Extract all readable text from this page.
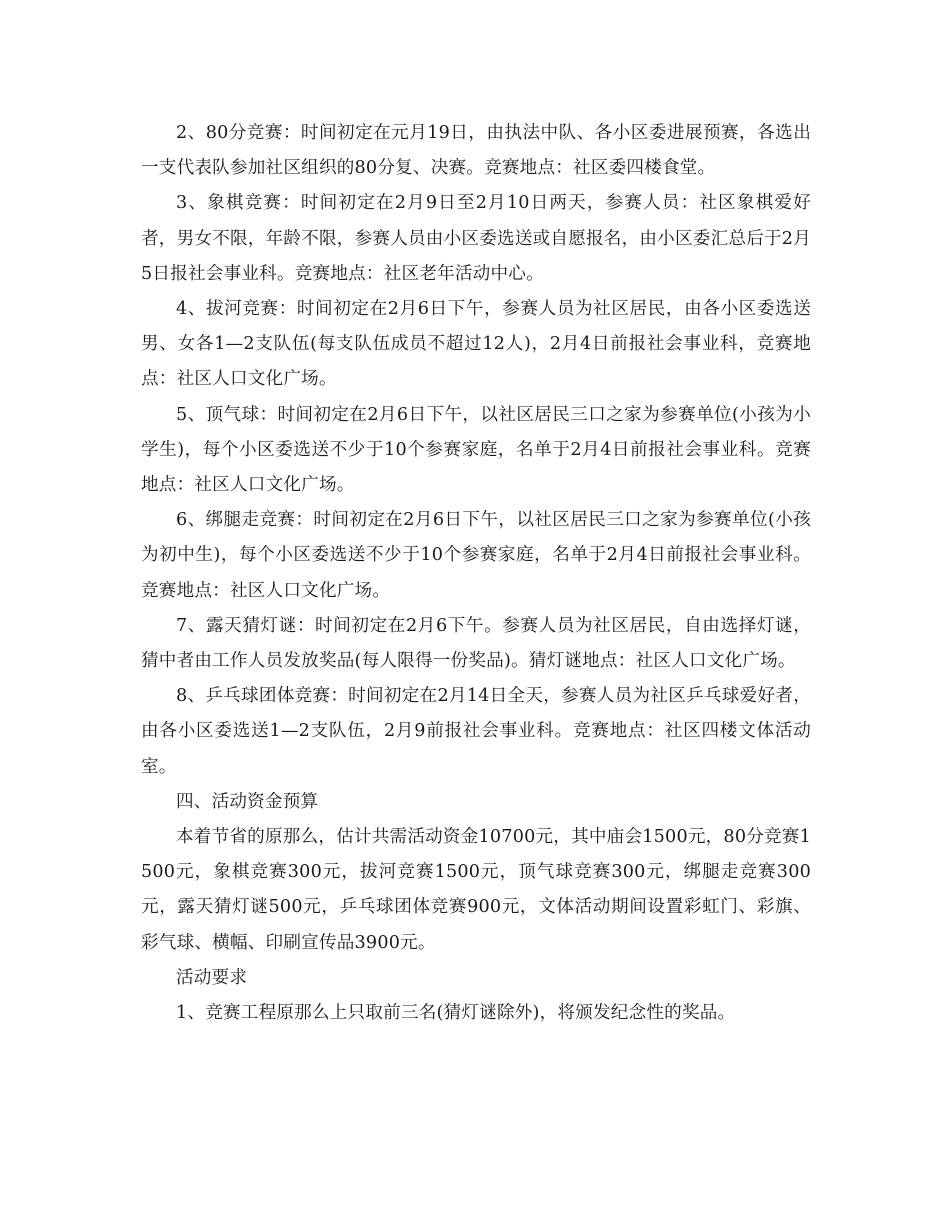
2、80分竞赛：时间初定在元月19日，由执法中队、各小区委进展预赛，各选出一支代表队参加社区组织的80分复、决赛。竞赛地点：社区委四楼食堂。

3、象棋竞赛：时间初定在2月9日至2月10日两天，参赛人员：社区象棋爱好者，男女不限，年龄不限，参赛人员由小区委选送或自愿报名，由小区委汇总后于2月5日报社会事业科。竞赛地点：社区老年活动中心。

4、拔河竞赛：时间初定在2月6日下午，参赛人员为社区居民，由各小区委选送男、女各1—2支队伍(每支队伍成员不超过12人)，2月4日前报社会事业科，竞赛地点：社区人口文化广场。

5、顶气球：时间初定在2月6日下午，以社区居民三口之家为参赛单位(小孩为小学生)，每个小区委选送不少于10个参赛家庭，名单于2月4日前报社会事业科。竞赛地点：社区人口文化广场。

6、绑腿走竞赛：时间初定在2月6日下午，以社区居民三口之家为参赛单位(小孩为初中生)，每个小区委选送不少于10个参赛家庭，名单于2月4日前报社会事业科。竞赛地点：社区人口文化广场。

7、露天猜灯谜：时间初定在2月6下午。参赛人员为社区居民，自由选择灯谜，猜中者由工作人员发放奖品(每人限得一份奖品)。猜灯谜地点：社区人口文化广场。

8、乒乓球团体竞赛：时间初定在2月14日全天，参赛人员为社区乒乓球爱好者，由各小区委选送1—2支队伍，2月9前报社会事业科。竞赛地点：社区四楼文体活动室。

四、活动资金预算

本着节省的原那么，估计共需活动资金10700元，其中庙会1500元，80分竞赛1500元，象棋竞赛300元，拔河竞赛1500元，顶气球竞赛300元，绑腿走竞赛300元，露天猜灯谜500元，乒乓球团体竞赛900元，文体活动期间设置彩虹门、彩旗、彩气球、横幅、印刷宣传品3900元。

活动要求

1、竞赛工程原那么上只取前三名(猜灯谜除外)，将颁发纪念性的奖品。
